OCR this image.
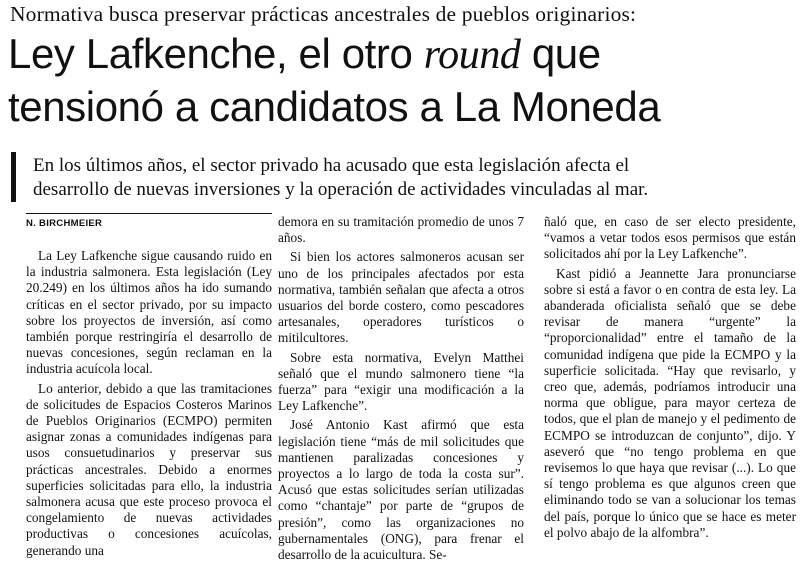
Normativa busca preservar prácticas ancestrales de pueblos originarios:
Ley Lafkenche, el otro round que
tensionó a candidatos a La Moneda
En los últimos años, el sector privado ha acusado que esta legislación afecta el
desarrollo de nuevas inversiones y la operación de actividades vinculadas al mar.
N. BIRCHMEIER

La Ley Lafkenche sigue causando ruido en la industria salmonera. Esta legislación (Ley 20.249) en los últimos años ha ido sumando críticas en el sector privado, por su impacto sobre los proyectos de inversión, así como también porque restringiría el desarrollo de nuevas concesiones, según reclaman en la industria acuícola local.

Lo anterior, debido a que las tramitaciones de solicitudes de Espacios Costeros Marinos de Pueblos Originarios (ECMPO) permiten asignar zonas a comunidades indígenas para usos consuetudinarios y preservar sus prácticas ancestrales. Debido a enormes superficies solicitadas para ello, la industria salmonera acusa que este proceso provoca el congelamiento de nuevas actividades productivas o concesiones acuícolas, generando una

demora en su tramitación promedio de unos 7 años.

Si bien los actores salmoneros acusan ser uno de los principales afectados por esta normativa, también señalan que afecta a otros usuarios del borde costero, como pescadores artesanales, operadores turísticos o mitilcultores.

Sobre esta normativa, Evelyn Matthei señaló que el mundo salmonero tiene “la fuerza” para “exigir una modificación a la Ley Lafkenche”.

José Antonio Kast afirmó que esta legislación tiene “más de mil solicitudes que mantienen paralizadas concesiones y proyectos a lo largo de toda la costa sur”. Acusó que estas solicitudes serían utilizadas como “chantaje” por parte de “grupos de presión”, como las organizaciones no gubernamentales (ONG), para frenar el desarrollo de la acuicultura. Se-

ñaló que, en caso de ser electo presidente, “vamos a vetar todos esos permisos que están solicitados ahí por la Ley Lafkenche”.

Kast pidió a Jeannette Jara pronunciarse sobre si está a favor o en contra de esta ley. La abanderada oficialista señaló que se debe revisar de manera “urgente” la “proporcionalidad” entre el tamaño de la comunidad indígena que pide la ECMPO y la superficie solicitada. “Hay que revisarlo, y creo que, además, podríamos introducir una norma que obligue, para mayor certeza de todos, que el plan de manejo y el pedimento de ECMPO se introduzcan de conjunto”, dijo. Y aseveró que “no tengo problema en que revisemos lo que haya que revisar (...). Lo que sí tengo problema es que algunos creen que eliminando todo se van a solucionar los temas del país, porque lo único que se hace es meter el polvo abajo de la alfombra”.
